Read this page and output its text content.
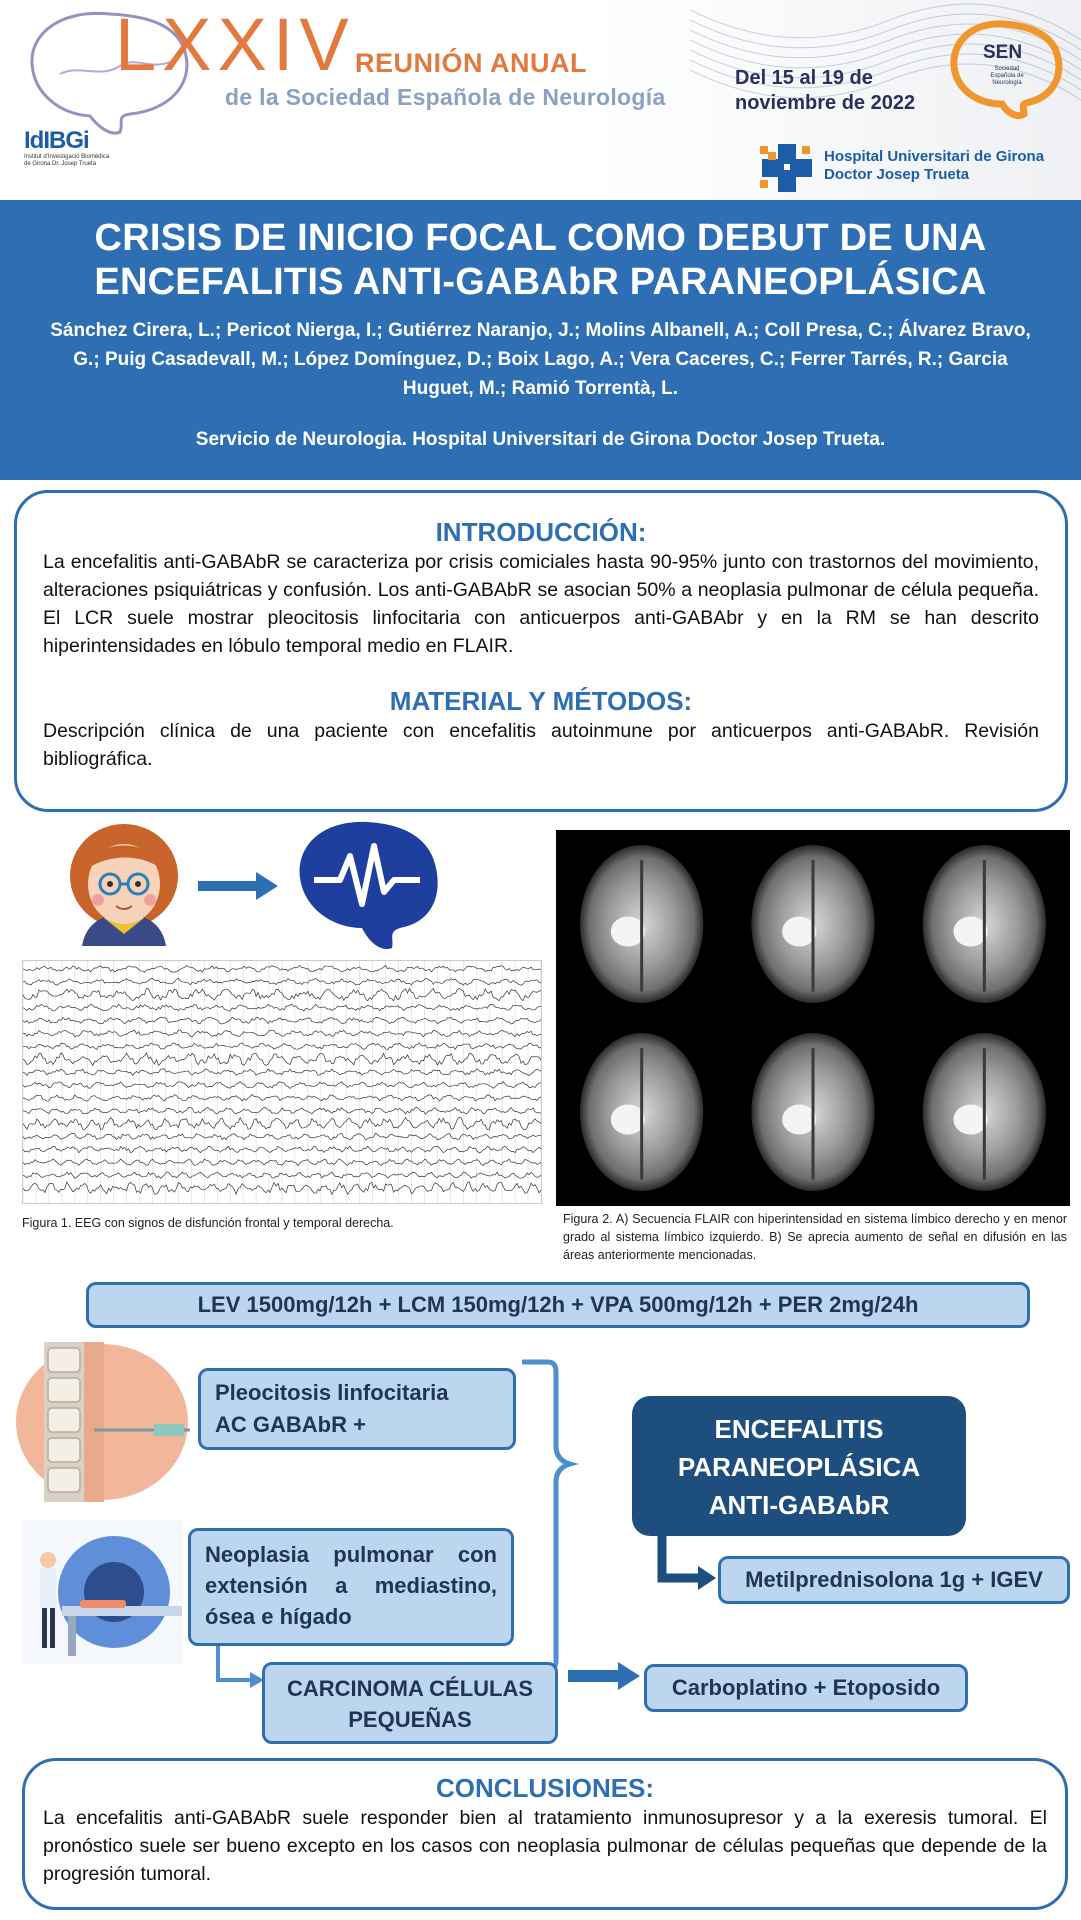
LXXIV REUNIÓN ANUAL
de la Sociedad Española de Neurología
Del 15 al 19 de
noviembre de 2022
SEN
Sociedad Española de Neurología
IdIBGi
Institut d'Investigació Biomèdica de Girona Dr. Josep Trueta	Hospital Universitari de Girona
Doctor Josep Trueta
CRISIS DE INICIO FOCAL COMO DEBUT DE UNA
ENCEFALITIS ANTI-GABAbR PARANEOPLÁSICA
Sánchez Cirera, L.; Pericot Nierga, I.; Gutiérrez Naranjo, J.; Molins Albanell, A.; Coll Presa, C.; Álvarez Bravo, G.; Puig Casadevall, M.; López Domínguez, D.; Boix Lago, A.; Vera Caceres, C.; Ferrer Tarrés, R.; Garcia Huguet, M.; Ramió Torrentà, L.
Servicio de Neurologia. Hospital Universitari de Girona Doctor Josep Trueta.
INTRODUCCIÓN:
La encefalitis anti-GABAbR se caracteriza por crisis comiciales hasta 90-95% junto con trastornos del movimiento, alteraciones psiquiátricas y confusión. Los anti-GABAbR se asocian 50% a neoplasia pulmonar de célula pequeña. El LCR suele mostrar pleocitosis linfocitaria con anticuerpos anti-GABAbr y en la RM se han descrito hiperintensidades en lóbulo temporal medio en FLAIR.
MATERIAL Y MÉTODOS:
Descripción clínica de una paciente con encefalitis autoinmune por anticuerpos anti-GABAbR. Revisión bibliográfica.
Figura 1. EEG con signos de disfunción frontal y temporal derecha.	Figura 2. A) Secuencia FLAIR con hiperintensidad en sistema límbico derecho y en menor grado al sistema límbico izquierdo. B) Se aprecia aumento de señal en difusión en las áreas anteriormente mencionadas.
LEV 1500mg/12h + LCM 150mg/12h + VPA 500mg/12h + PER 2mg/24h
Pleocitosis linfocitaria
AC GABAbR +
Neoplasia pulmonar con extensión a mediastino, ósea e hígado
CARCINOMA CÉLULAS
PEQUEÑAS
Carboplatino + Etoposido
ENCEFALITIS
PARANEOPLÁSICA
ANTI-GABAbR
Metilprednisolona 1g + IGEV
CONCLUSIONES:
La encefalitis anti-GABAbR suele responder bien al tratamiento inmunosupresor y a la exeresis tumoral. El pronóstico suele ser bueno excepto en los casos con neoplasia pulmonar de células pequeñas que depende de la progresión tumoral.
